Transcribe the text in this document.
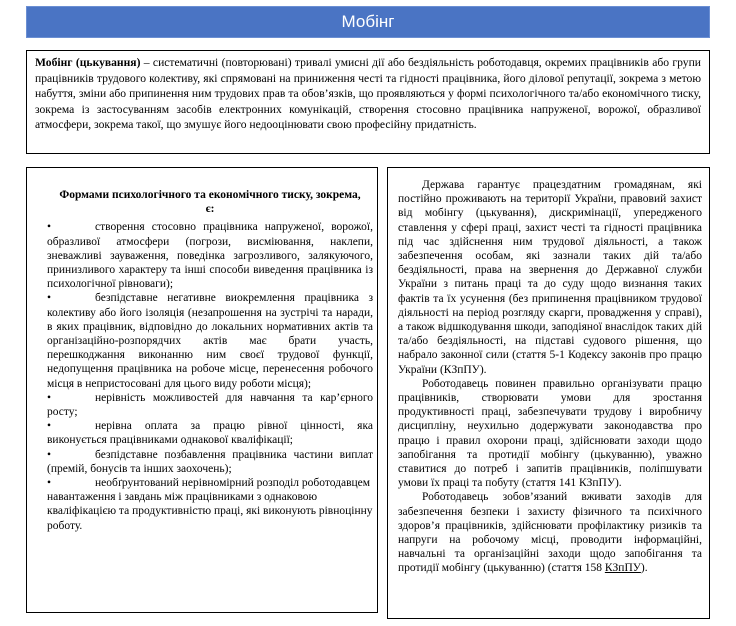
Мобінг
Мобінг (цькування) – систематичні (повторювані) тривалі умисні дії або бездіяльність роботодавця, окремих працівників або групи працівників трудового колективу, які спрямовані на приниження честі та гідності працівника, його ділової репутації, зокрема з метою набуття, зміни або припинення ним трудових прав та обов’язків, що проявляються у формі психологічного та/або економічного тиску, зокрема із застосуванням засобів електронних комунікацій, створення стосовно працівника напруженої, ворожої, образливої атмосфери, зокрема такої, що змушує його недооцінювати свою професійну придатність.
Формами психологічного та економічного тиску, зокрема, є:
•	створення стосовно працівника напруженої, ворожої, образливої атмосфери (погрози, висміювання, наклепи, зневажливі зауваження, поведінка загрозливого, залякуючого, принизливого характеру та інші способи виведення працівника із психологічної рівноваги);
•	безпідставне негативне виокремлення працівника з колективу або його ізоляція (незапрошення на зустрічі та наради, в яких працівник, відповідно до локальних нормативних актів та організаційно-розпорядчих актів має брати участь, перешкоджання виконанню ним своєї трудової функції, недопущення працівника на робоче місце, перенесення робочого місця в непристосовані для цього виду роботи місця);
•	нерівність можливостей для навчання та кар’єрного росту;
•	нерівна оплата за працю рівної цінності, яка виконується працівниками однакової кваліфікації;
•	безпідставне позбавлення працівника частини виплат (премій, бонусів та інших заохочень);
•	необґрунтований нерівномірний розподіл роботодавцем навантаження і завдань між працівниками з однаковою кваліфікацією та продуктивністю праці, які виконують рівноцінну роботу.

Держава гарантує працездатним громадянам, які постійно проживають на території України, правовий захист від мобінгу (цькування), дискримінації, упередженого ставлення у сфері праці, захист честі та гідності працівника під час здійснення ним трудової діяльності, а також забезпечення особам, які зазнали таких дій та/або бездіяльності, права на звернення до Державної служби України з питань праці та до суду щодо визнання таких фактів та їх усунення (без припинення працівником трудової діяльності на період розгляду скарги, провадження у справі), а також відшкодування шкоди, заподіяної внаслідок таких дій та/або бездіяльності, на підставі судового рішення, що набрало законної сили (стаття 5-1 Кодексу законів про працю України (КЗпПУ).

Роботодавець повинен правильно організувати працю працівників, створювати умови для зростання продуктивності праці, забезпечувати трудову і виробничу дисципліну, неухильно додержувати законодавства про працю і правил охорони праці, здійснювати заходи щодо запобігання та протидії мобінгу (цькуванню), уважно ставитися до потреб і запитів працівників, поліпшувати умови їх праці та побуту (стаття 141 КЗпПУ).

Роботодавець зобов’язаний вживати заходів для забезпечення безпеки і захисту фізичного та психічного здоров’я працівників, здійснювати профілактику ризиків та напруги на робочому місці, проводити інформаційні, навчальні та організаційні заходи щодо запобігання та протидії мобінгу (цькуванню) (стаття 158 КЗпПУ).
